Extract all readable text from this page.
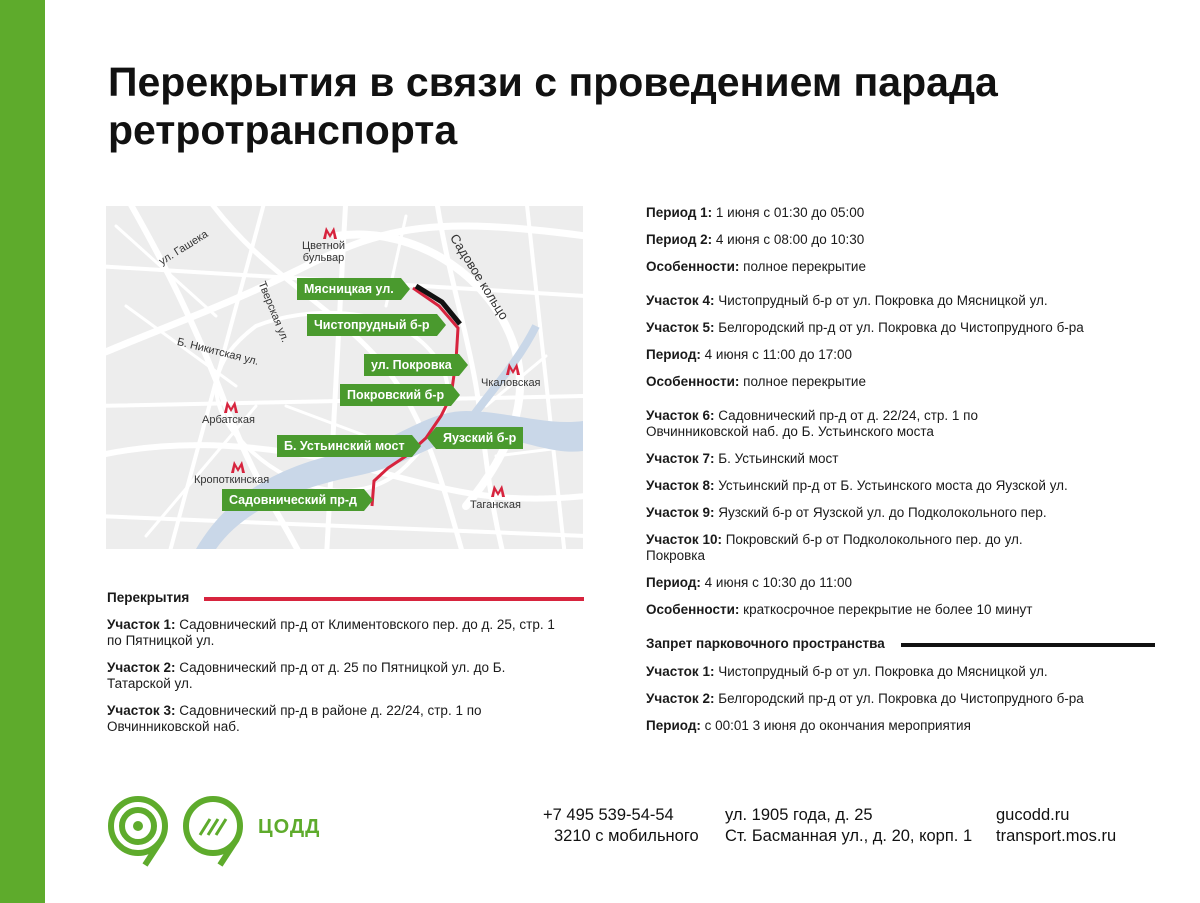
Перекрытия в связи с проведением парада ретротранспорта
ул. Гашека
Тверская ул.
Б. Никитская ул.
Садовое кольцо
Цветной
бульвар
Чкаловская
Арбатская
Кропоткинская
Таганская
Мясницкая ул.
Чистопрудный б-р
ул. Покровка
Покровский б-р
Б. Устьинский мост
Яузский б-р
Садовнический пр-д
Перекрытия

Участок 1: Садовнический пр-д от Климентовского пер. до д. 25, стр. 1 по Пятницкой ул.

Участок 2: Садовнический пр-д от д. 25 по Пятницкой ул. до Б. Татарской ул.

Участок 3: Садовнический пр-д в районе д. 22/24, стр. 1 по Овчинниковской наб.

Период 1: 1 июня с 01:30 до 05:00

Период 2: 4 июня с 08:00 до 10:30

Особенности: полное перекрытие

Участок 4: Чистопрудный б-р от ул. Покровка до Мясницкой ул.

Участок 5: Белгородский пр-д от ул. Покровка до Чистопрудного б-ра

Период: 4 июня с 11:00 до 17:00

Особенности: полное перекрытие

Участок 6: Садовнический пр-д от д. 22/24, стр. 1 по Овчинниковской наб. до Б. Устьинского моста

Участок 7: Б. Устьинский мост

Участок 8: Устьинский пр-д от Б. Устьинского моста до Яузской ул.

Участок 9: Яузский б-р от Яузской ул. до Подколокольного пер.

Участок 10: Покровский б-р от Подколокольного пер. до ул. Покровка

Период: 4 июня с 10:30 до 11:00

Особенности: краткосрочное перекрытие не более 10 минут

Запрет парковочного пространства

Участок 1: Чистопрудный б-р от ул. Покровка до Мясницкой ул.

Участок 2: Белгородский пр-д от ул. Покровка до Чистопрудного б-ра

Период: с 00:01 3 июня до окончания мероприятия

ЦОДД
+7 495 539-54-54
3210 с мобильного
ул. 1905 года, д. 25
Ст. Басманная ул., д. 20, корп. 1
gucodd.ru
transport.mos.ru
